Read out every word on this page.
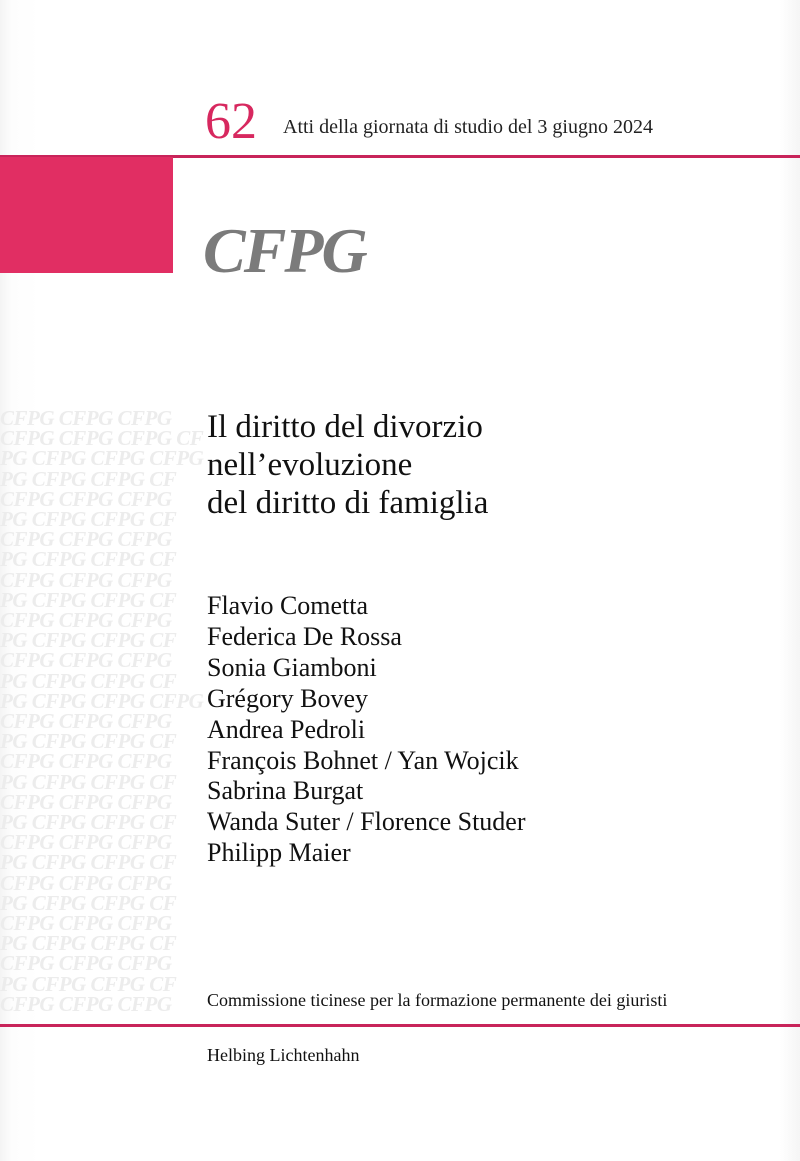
62 Atti della giornata di studio del 3 giugno 2024
CFPG
CFPG CFPG CFPG
CFPG CFPG CFPG CF
PG CFPG CFPG CFPG
PG CFPG CFPG CF
CFPG CFPG CFPG
PG CFPG CFPG CF
CFPG CFPG CFPG
PG CFPG CFPG CF
CFPG CFPG CFPG
PG CFPG CFPG CF
CFPG CFPG CFPG
PG CFPG CFPG CF
CFPG CFPG CFPG
PG CFPG CFPG CF
PG CFPG CFPG CFPG
CFPG CFPG CFPG
PG CFPG CFPG CF
CFPG CFPG CFPG
PG CFPG CFPG CF
CFPG CFPG CFPG
PG CFPG CFPG CF
CFPG CFPG CFPG
PG CFPG CFPG CF
CFPG CFPG CFPG
PG CFPG CFPG CF
CFPG CFPG CFPG
PG CFPG CFPG CF
CFPG CFPG CFPG
PG CFPG CFPG CF
CFPG CFPG CFPG
Il diritto del divorzio
nell’evoluzione
del diritto di famiglia
Flavio Cometta
Federica De Rossa
Sonia Giamboni
Grégory Bovey
Andrea Pedroli
François Bohnet / Yan Wojcik
Sabrina Burgat
Wanda Suter / Florence Studer
Philipp Maier
Commissione ticinese per la formazione permanente dei giuristi
Helbing Lichtenhahn
